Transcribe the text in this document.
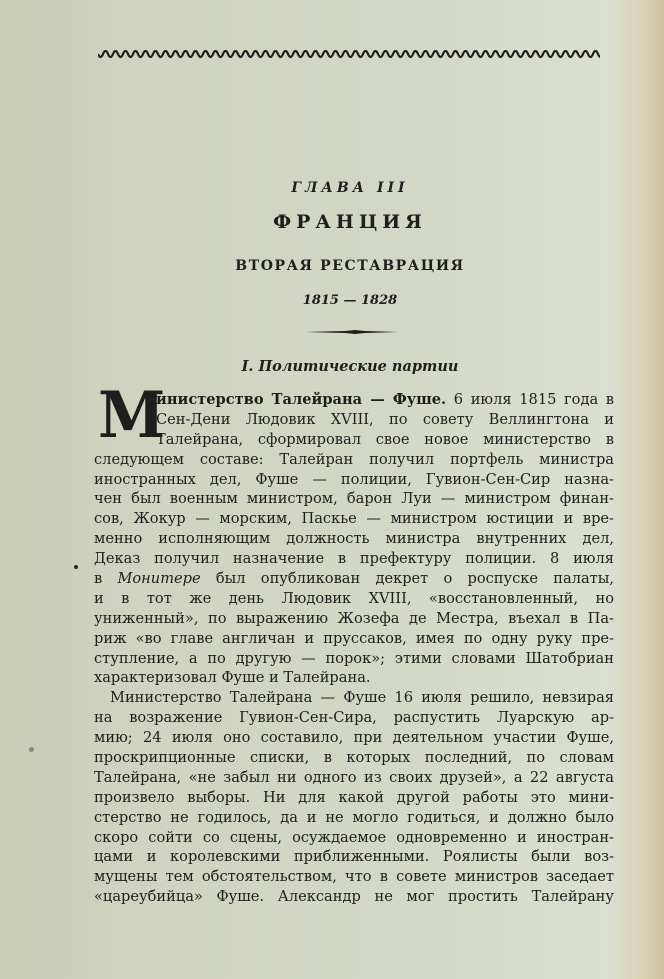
ГЛАВА III
ФРАНЦИЯ
ВТОРАЯ РЕСТАВРАЦИЯ
1815 — 1828
I. Политические партии
М
инистерство Талейрана — Фуше. 6 июля 1815 года в
Сен-Дени Людовик XVIII, по совету Веллингтона и
Талейрана, сформировал свое новое министерство в
следующем составе: Талейран получил портфель министра
иностранных дел, Фуше — полиции, Гувион-Сен-Сир назна-
чен был военным министром, барон Луи — министром финан-
сов, Жокур — морским, Паскье — министром юстиции и вре-
менно исполняющим должность министра внутренних дел,
Деказ получил назначение в префектуру полиции. 8 июля
в Монитере был опубликован декрет о роспуске палаты,
и в тот же день Людовик XVIII, «восстановленный, но
униженный», по выражению Жозефа де Местра, въехал в Па-
риж «во главе англичан и пруссаков, имея по одну руку пре-
ступление, а по другую — порок»; этими словами Шатобриан
характеризовал Фуше и Талейрана.
Министерство Талейрана — Фуше 16 июля решило, невзирая
на возражение Гувион-Сен-Сира, распустить Луарскую ар-
мию; 24 июля оно составило, при деятельном участии Фуше,
проскрипционные списки, в которых последний, по словам
Талейрана, «не забыл ни одного из своих друзей», а 22 августа
произвело выборы. Ни для какой другой работы это мини-
стерство не годилось, да и не могло годиться, и должно было
скоро сойти со сцены, осуждаемое одновременно и иностран-
цами и королевскими приближенными. Роялисты были воз-
мущены тем обстоятельством, что в совете министров заседает
«цареубийца» Фуше. Александр не мог простить Талейрану
